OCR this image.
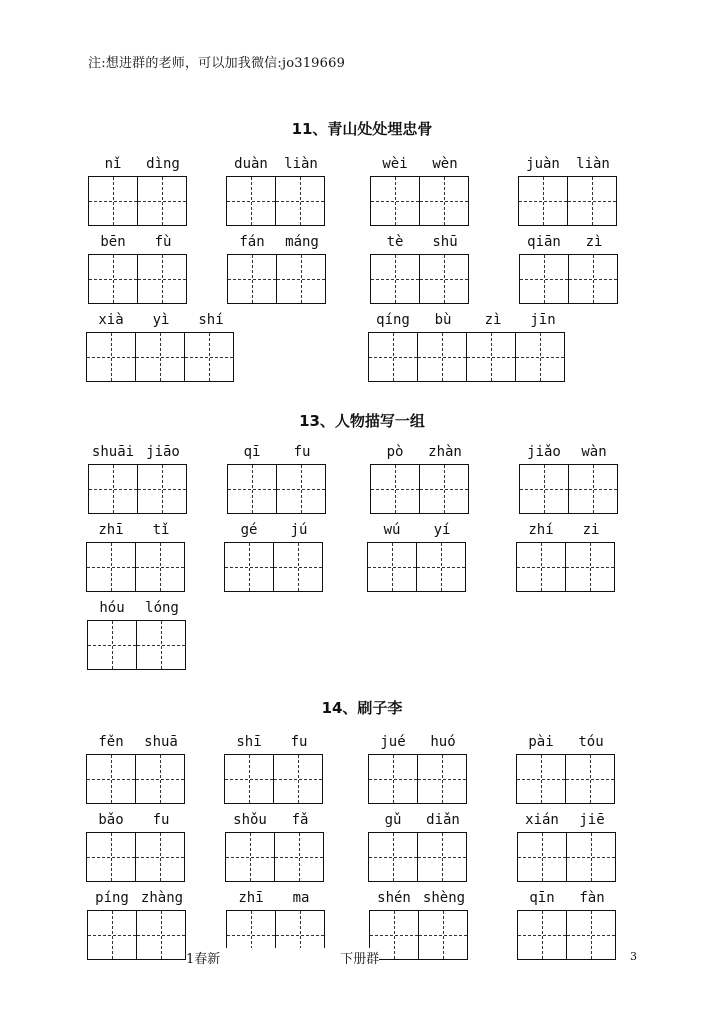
注:想进群的老师，可以加我微信:jo319669
11、青山处处埋忠骨
13、人物描写一组
14、刷子李
nǐ	dìng	duàn	liàn	wèi	wèn	juàn	liàn
bēn	fù	fán	máng	tè	shū	qiān	zì
xià	yì	shí	qíng	bù	zì	jīn
shuāi jiāo	qī	fu	pò	zhàn	jiǎo	wàn
zhī	tǐ	gé	jú	wú	yí	zhí	zi
hóu	lóng
fěn	shuā	shī	fu	jué	huó	pài	tóu
bǎo	fu	shǒu	fǎ	gǔ	diǎn	xián	jiē
píng zhàng	zhī	ma	shén shèng	qīn	fàn
1春新	下册群	3
